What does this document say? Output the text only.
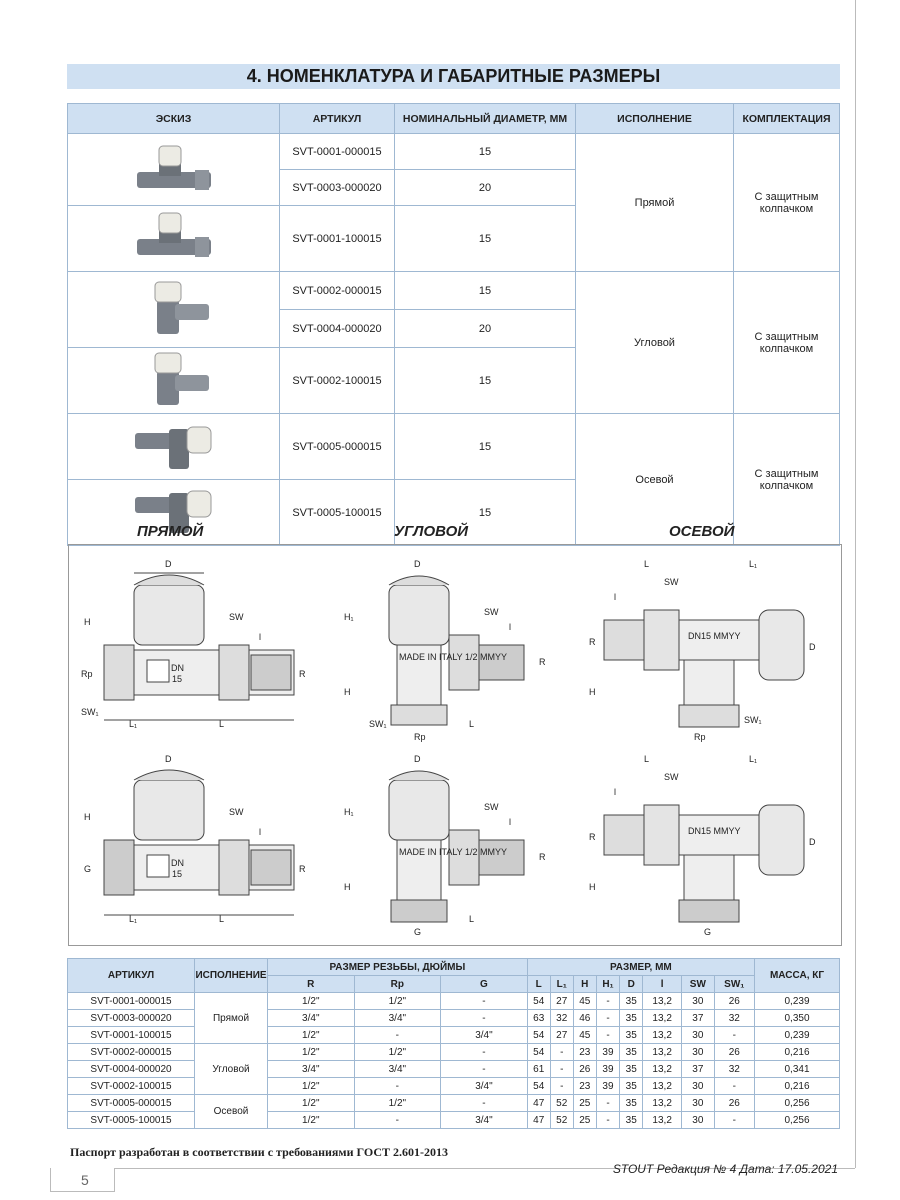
5
4. НОМЕНКЛАТУРА И ГАБАРИТНЫЕ РАЗМЕРЫ
ЭСКИЗ	АРТИКУЛ	НОМИНАЛЬНЫЙ ДИАМЕТР, ММ	ИСПОЛНЕНИЕ	КОМПЛЕКТАЦИЯ
	SVT-0001-000015	15	Прямой	С защитным колпачком
	SVT-0003-000020	20		
	SVT-0001-100015	15		
	SVT-0002-000015	15	Угловой	С защитным колпачком
	SVT-0004-000020	20		
	SVT-0002-100015	15		
	SVT-0005-000015	15	Осевой	С защитным колпачком
	SVT-0005-100015	15		
ПРЯМОЙ	УГЛОВОЙ	ОСЕВОЙ
DN
15
D
H
Rp	R
SW
l
SW₁
L₁	L
MADE IN ITALY 1/2 MMYY
D
H₁
H
R
SW
l
SW₁
Rp
L
DN15 MMYY
L	L₁
SW
l
R
H
D
SW₁
Rp
DN
15
D
H
G	R
SW
l
L₁	L
MADE IN ITALY 1/2 MMYY
D
H₁
H
R
SW
l
G
L
DN15 MMYY
L	L₁
SW
l
R
H
D
G
АРТИКУЛ	ИСПОЛНЕНИЕ	РАЗМЕР РЕЗЬБЫ, ДЮЙМЫ			РАЗМЕР, ММ								МАССА, КГ
		R	Rp	G	L	L₁	H	H₁	D	l	SW	SW₁	
SVT-0001-000015	Прямой	1/2"	1/2"	-	54	27	45	-	35	13,2	30	26	0,239
SVT-0003-000020		3/4"	3/4"	-	63	32	46	-	35	13,2	37	32	0,350
SVT-0001-100015		1/2"	-	3/4"	54	27	45	-	35	13,2	30	-	0,239
SVT-0002-000015	Угловой	1/2"	1/2"	-	54	-	23	39	35	13,2	30	26	0,216
SVT-0004-000020		3/4"	3/4"	-	61	-	26	39	35	13,2	37	32	0,341
SVT-0002-100015		1/2"	-	3/4"	54	-	23	39	35	13,2	30	-	0,216
SVT-0005-000015	Осевой	1/2"	1/2"	-	47	52	25	-	35	13,2	30	26	0,256
SVT-0005-100015		1/2"	-	3/4"	47	52	25	-	35	13,2	30	-	0,256
Паспорт разработан в соответствии с требованиями ГОСТ 2.601-2013
STOUT Редакция № 4 Дата: 17.05.2021
